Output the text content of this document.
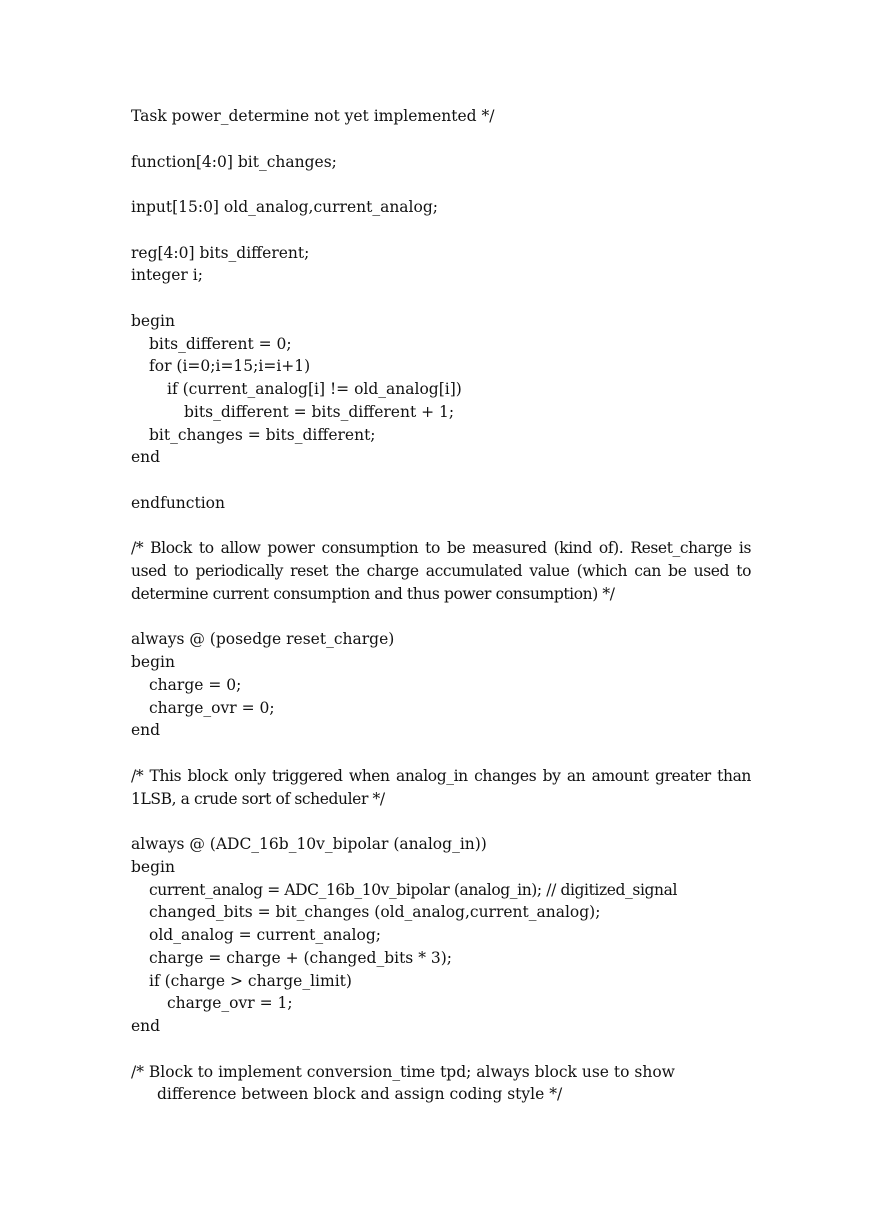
Task power_determine not yet implemented */
function[4:0] bit_changes;
input[15:0] old_analog,current_analog;
reg[4:0] bits_different;
integer i;
begin
bits_different = 0;
for (i=0;i=15;i=i+1)
if (current_analog[i] != old_analog[i])
bits_different = bits_different + 1;
bit_changes = bits_different;
end
endfunction
/* Block to allow power consumption to be measured (kind of). Reset_charge is used to periodically reset the charge accumulated value (which can be used to determine current consumption and thus power consumption) */
always @ (posedge reset_charge)
begin
charge = 0;
charge_ovr = 0;
end
/* This block only triggered when analog_in changes by an amount greater than 1LSB, a crude sort of scheduler */
always @ (ADC_16b_10v_bipolar (analog_in))
begin
current_analog = ADC_16b_10v_bipolar (analog_in); // digitized_signal
changed_bits = bit_changes (old_analog,current_analog);
old_analog = current_analog;
charge = charge + (changed_bits * 3);
if (charge > charge_limit)
charge_ovr = 1;
end
/* Block to implement conversion_time tpd; always block use to show
difference between block and assign coding style */
